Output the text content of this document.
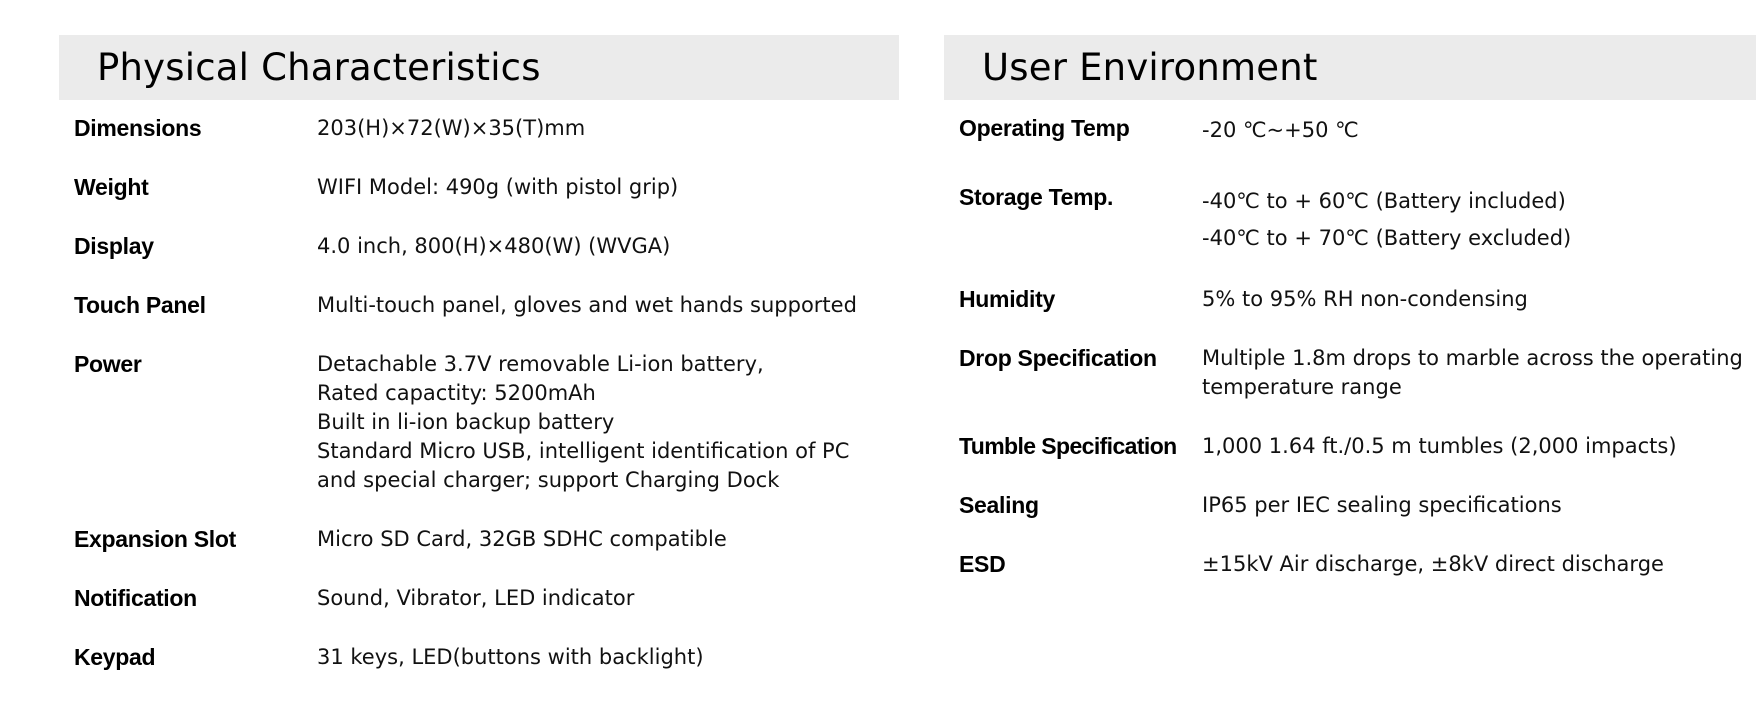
Physical Characteristics
Dimensions	203(H)×72(W)×35(T)mm
Weight	WIFI Model: 490g (with pistol grip)
Display	4.0 inch, 800(H)×480(W) (WVGA)
Touch Panel	Multi-touch panel, gloves and wet hands supported
Power	Detachable 3.7V removable Li-ion battery,
Rated capactity: 5200mAh
Built in li-ion backup battery
Standard Micro USB, intelligent identification of PC
and special charger; support Charging Dock
Expansion Slot	Micro SD Card, 32GB SDHC compatible
Notification	Sound, Vibrator, LED indicator
Keypad	31 keys, LED(buttons with backlight)
User Environment
Operating Temp	-20 ℃~+50 ℃
Storage Temp.	-40℃ to + 60℃ (Battery included)
-40℃ to + 70℃ (Battery excluded)
Humidity	5% to 95% RH non-condensing
Drop Specification	Multiple 1.8m drops to marble across the operating
temperature range
Tumble Specification	1,000 1.64 ft./0.5 m tumbles (2,000 impacts)
Sealing	IP65 per IEC sealing specifications
ESD	±15kV Air discharge, ±8kV direct discharge
